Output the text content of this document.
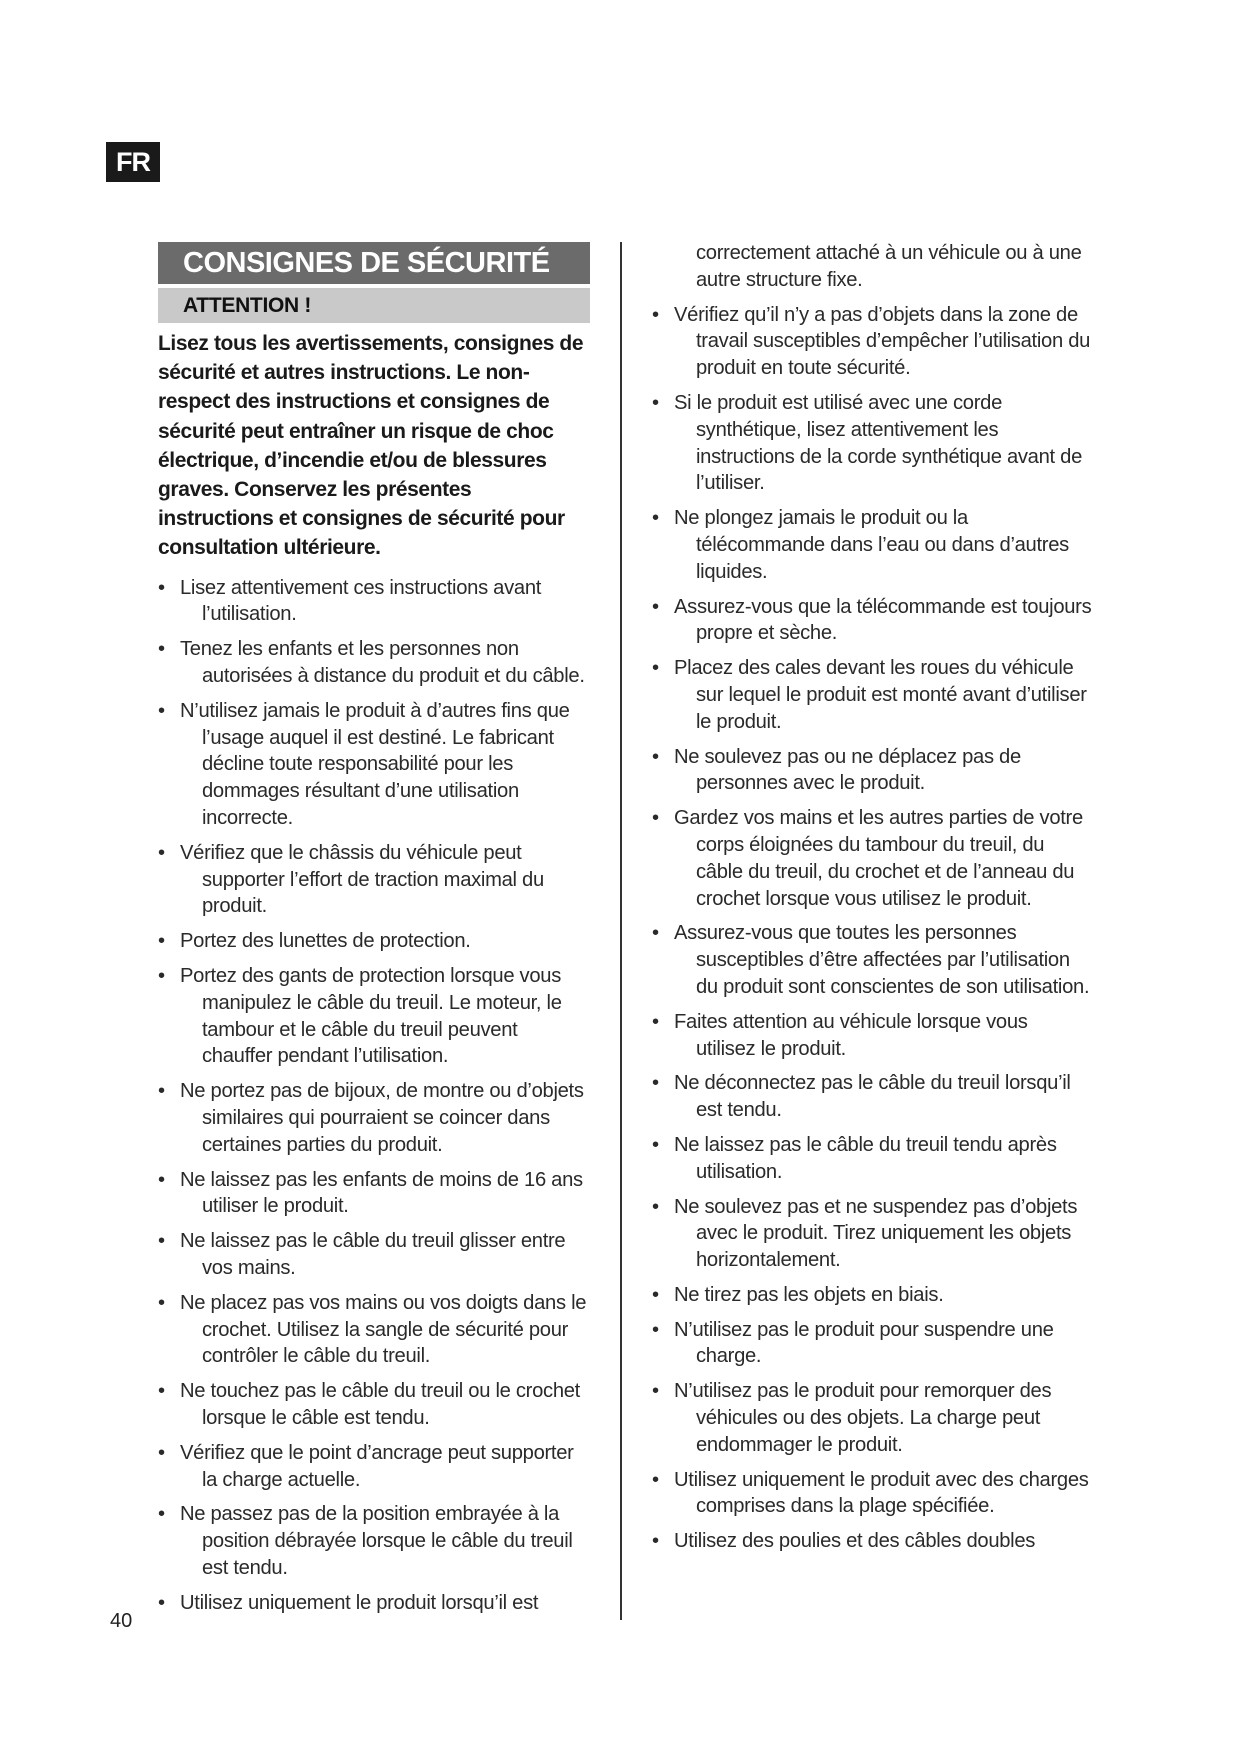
FR
CONSIGNES DE SÉCURITÉ
ATTENTION !
Lisez tous les avertissements, consignes de sécurité et autres instructions. Le non-respect des instructions et consignes de sécurité peut entraîner un risque de choc électrique, d’incendie et/ou de blessures graves. Conservez les présentes instructions et consignes de sécurité pour consultation ultérieure.
• Lisez attentivement ces instructions avant l’utilisation.
• Tenez les enfants et les personnes non autorisées à distance du produit et du câble.
• N’utilisez jamais le produit à d’autres fins que l’usage auquel il est destiné. Le fabricant décline toute responsabilité pour les dommages résultant d’une utilisation incorrecte.
• Vérifiez que le châssis du véhicule peut supporter l’effort de traction maximal du produit.
• Portez des lunettes de protection.
• Portez des gants de protection lorsque vous manipulez le câble du treuil. Le moteur, le tambour et le câble du treuil peuvent chauffer pendant l’utilisation.
• Ne portez pas de bijoux, de montre ou d’objets similaires qui pourraient se coincer dans certaines parties du produit.
• Ne laissez pas les enfants de moins de 16 ans utiliser le produit.
• Ne laissez pas le câble du treuil glisser entre vos mains.
• Ne placez pas vos mains ou vos doigts dans le crochet. Utilisez la sangle de sécurité pour contrôler le câble du treuil.
• Ne touchez pas le câble du treuil ou le crochet lorsque le câble est tendu.
• Vérifiez que le point d’ancrage peut supporter la charge actuelle.
• Ne passez pas de la position embrayée à la position débrayée lorsque le câble du treuil est tendu.
• Utilisez uniquement le produit lorsqu’il est
correctement attaché à un véhicule ou à une autre structure fixe.
• Vérifiez qu’il n’y a pas d’objets dans la zone de travail susceptibles d’empêcher l’utilisation du produit en toute sécurité.
• Si le produit est utilisé avec une corde synthétique, lisez attentivement les instructions de la corde synthétique avant de l’utiliser.
• Ne plongez jamais le produit ou la télécommande dans l’eau ou dans d’autres liquides.
• Assurez-vous que la télécommande est toujours propre et sèche.
• Placez des cales devant les roues du véhicule sur lequel le produit est monté avant d’utiliser le produit.
• Ne soulevez pas ou ne déplacez pas de personnes avec le produit.
• Gardez vos mains et les autres parties de votre corps éloignées du tambour du treuil, du câble du treuil, du crochet et de l’anneau du crochet lorsque vous utilisez le produit.
• Assurez-vous que toutes les personnes susceptibles d’être affectées par l’utilisation du produit sont conscientes de son utilisation.
• Faites attention au véhicule lorsque vous utilisez le produit.
• Ne déconnectez pas le câble du treuil lorsqu’il est tendu.
• Ne laissez pas le câble du treuil tendu après utilisation.
• Ne soulevez pas et ne suspendez pas d’objets avec le produit. Tirez uniquement les objets horizontalement.
• Ne tirez pas les objets en biais.
• N’utilisez pas le produit pour suspendre une charge.
• N’utilisez pas le produit pour remorquer des véhicules ou des objets. La charge peut endommager le produit.
• Utilisez uniquement le produit avec des charges comprises dans la plage spécifiée.
• Utilisez des poulies et des câbles doubles
40
